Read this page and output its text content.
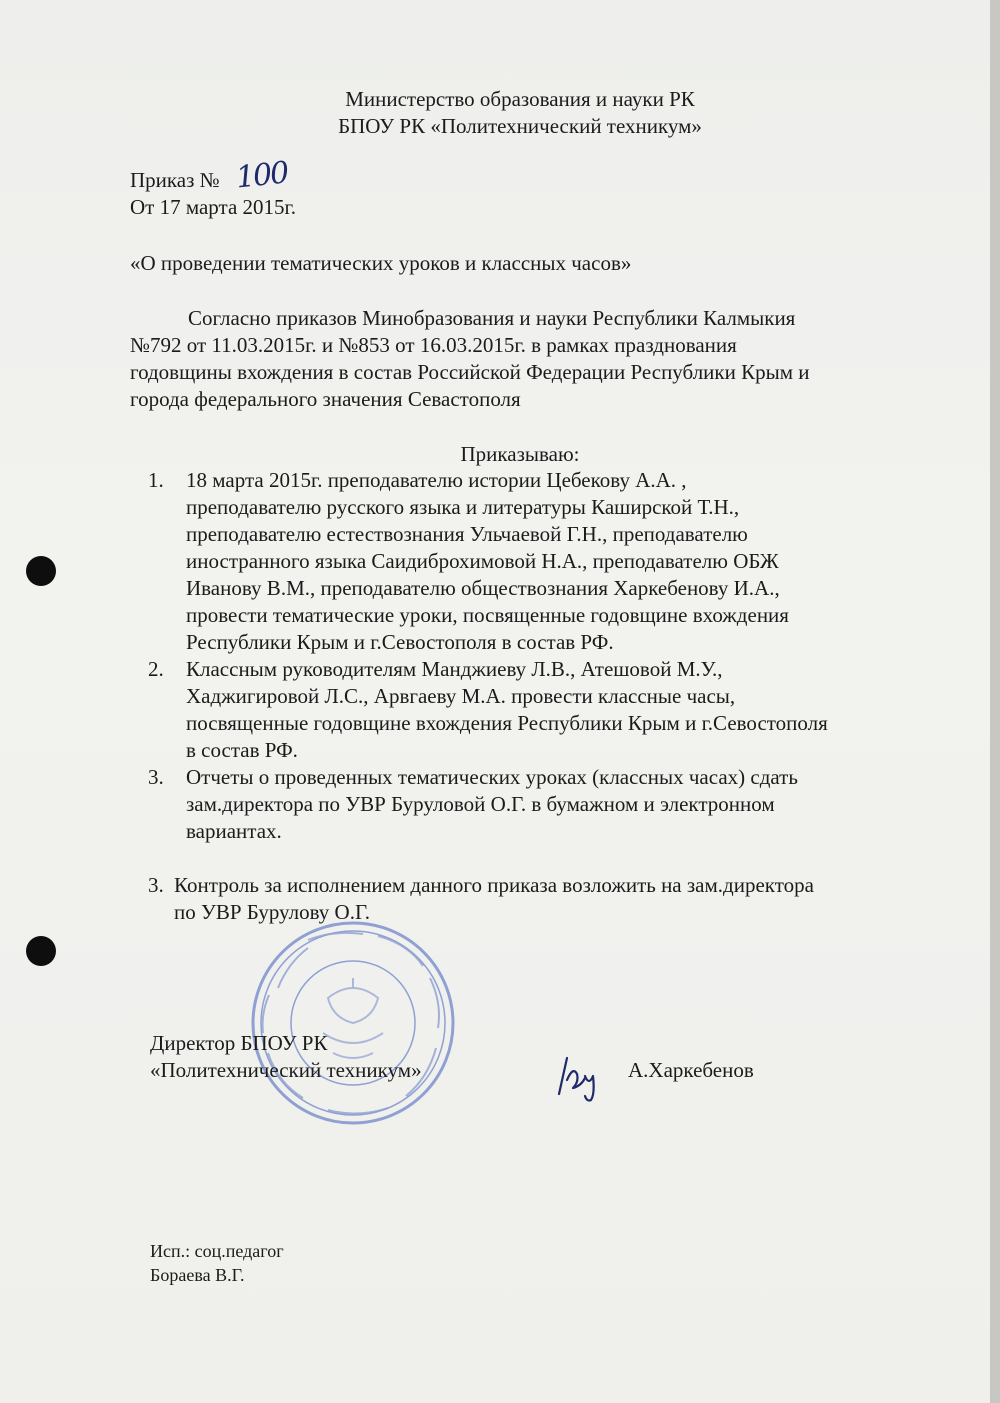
Министерство образования и науки РК
БПОУ РК «Политехнический техникум»
Приказ № 100
От 17 марта 2015г.
«О проведении тематических уроков и классных часов»
Согласно приказов Минобразования и науки Республики Калмыкия
№792 от 11.03.2015г. и №853 от 16.03.2015г. в рамках празднования
годовщины вхождения в состав Российской Федерации Республики Крым и
города федерального значения Севастополя
Приказываю:
1. 18 марта 2015г. преподавателю истории Цебекову А.А. ,
преподавателю русского языка и литературы Каширской Т.Н.,
преподавателю естествознания Ульчаевой Г.Н., преподавателю
иностранного языка Саидиброхимовой Н.А., преподавателю ОБЖ
Иванову В.М., преподавателю обществознания Харкебенову И.А.,
провести тематические уроки, посвященные годовщине вхождения
Республики Крым и г.Севостополя в состав РФ.
2. Классным руководителям Манджиеву Л.В., Атешовой М.У.,
Хаджигировой Л.С., Арвгаеву М.А. провести классные часы,
посвященные годовщине вхождения Республики Крым и г.Севостополя
в состав РФ.
3. Отчеты о проведенных тематических уроках (классных часах) сдать
зам.директора по УВР Буруловой О.Г. в бумажном и электронном
вариантах.
3. Контроль за исполнением данного приказа возложить на зам.директора
по УВР Бурулову О.Г.
Директор БПОУ РК
«Политехнический техникум»	А.Харкебенов
Исп.: соц.педагог
Бораева В.Г.
